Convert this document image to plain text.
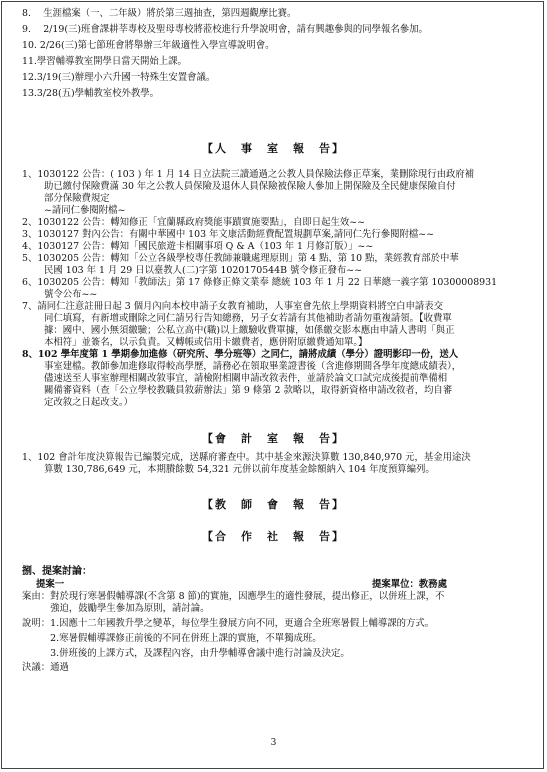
8.　 生涯檔案（一、二年級）將於第三週抽查，第四週觀摩比賽。
9.　 2/19(三)班會課耕莘專校及聖母專校將蒞校進行升學說明會，請有興趣參與的同學報名參加。
10. 2/26(三)第七節班會將舉辦三年級適性入學宣導說明會。
11.學習輔導教室開學日當天開始上課。
12.3/19(三)辦理小六升國一特殊生安置會議。
13.3/28(五)學輔教室校外教學。
【人　事　室　報　告】
1、1030122 公告：( 103 ) 年 1 月 14 日立法院三讀通過之公教人員保險法修正草案，業刪除現行由政府補
助已繳付保險費滿 30 年之公教人員保險及退休人員保險被保險人參加上開保險及全民健康保險自付
部分保險費規定
~請同仁參閱附檔~
2、1030122 公告：轉知修正「宜蘭縣政府獎能事蹟實施要點」，自即日起生效~~
3、1030127 對內公告：有關中華國中 103 年文康活動經費配置規劃草案,請同仁先行參閱附檔~~
4、1030127 公告：轉知「國民旅遊卡相關事項 Q & A（103 年 1 月修訂版）」~~
5、1030205 公告：轉知「公立各級學校專任教師兼職處理原則」第 4 點、第 10 點，業經教育部於中華
民國 103 年 1 月 29 日以臺教人(二)字第 1020170544B 號令修正發布~~
6、1030205 公告：轉知「教師法」第 17 條修正條文業奉 總統 103 年 1 月 22 日華總一義字第 10300008931
號令公布~~
7、請同仁注意註冊日起 3 個月內向本校申請子女教育補助，人事室會先依上學期資料將空白申請表交
同仁填寫，有新增或刪除之同仁請另行告知總務，另子女若請有其他補助者請勿重複請領。【收費單
據：國中、國小無須繳驗；公私立高中(職)以上繳驗收費單據，如係繳交影本應由申請人書明「與正
本相符」並簽名，以示負責。又轉帳或信用卡繳費者，應併附原繳費通知單。】
8、102 學年度第 1 學期參加進修（研究所、學分班等）之同仁，請將成績（學分）證明影印一份，送人
事室建檔。教師參加進修取得較高學歷，請務必在領取畢業證書後（含進修期間各學年度總成績表），
儘速送至人事室辦理相關改敘事宜，請檢附相關申請改敘表件，並請於論文口試完成後提前準備相
關備審資料（查「公立學校教職員敘薪辦法」第 9 條第 2 款略以，取得新資格申請改敘者，均自審
定改敘之日起改支。）
【會　計　室　報　告】
1、102 會計年度決算報告已編製完成，送縣府審查中。其中基金來源決算數 130,840,970 元，基金用途決
算數 130,786,649 元，本期賸餘數 54,321 元併以前年度基金餘額納入 104 年度預算編列。
【教　師　會　報　告】
【合　作　社　報　告】
捌、提案討論：
提案一	提案單位：教務處
案由：對於現行寒暑假輔導課(不含第 8 節)的實施，因應學生的適性發展，提出修正，以併班上課，不
　　　強迫，鼓勵學生參加為原則，請討論。
說明：1.因應十二年國教升學之變革，每位學生發展方向不同，更適合全班寒暑假上輔導課的方式。
　　　2.寒暑假輔導課修正前後的不同在併班上課的實施，不單獨成班。
　　　3.併班後的上課方式，及課程內容，由升學輔導會議中進行討論及決定。
決議：通過
3
